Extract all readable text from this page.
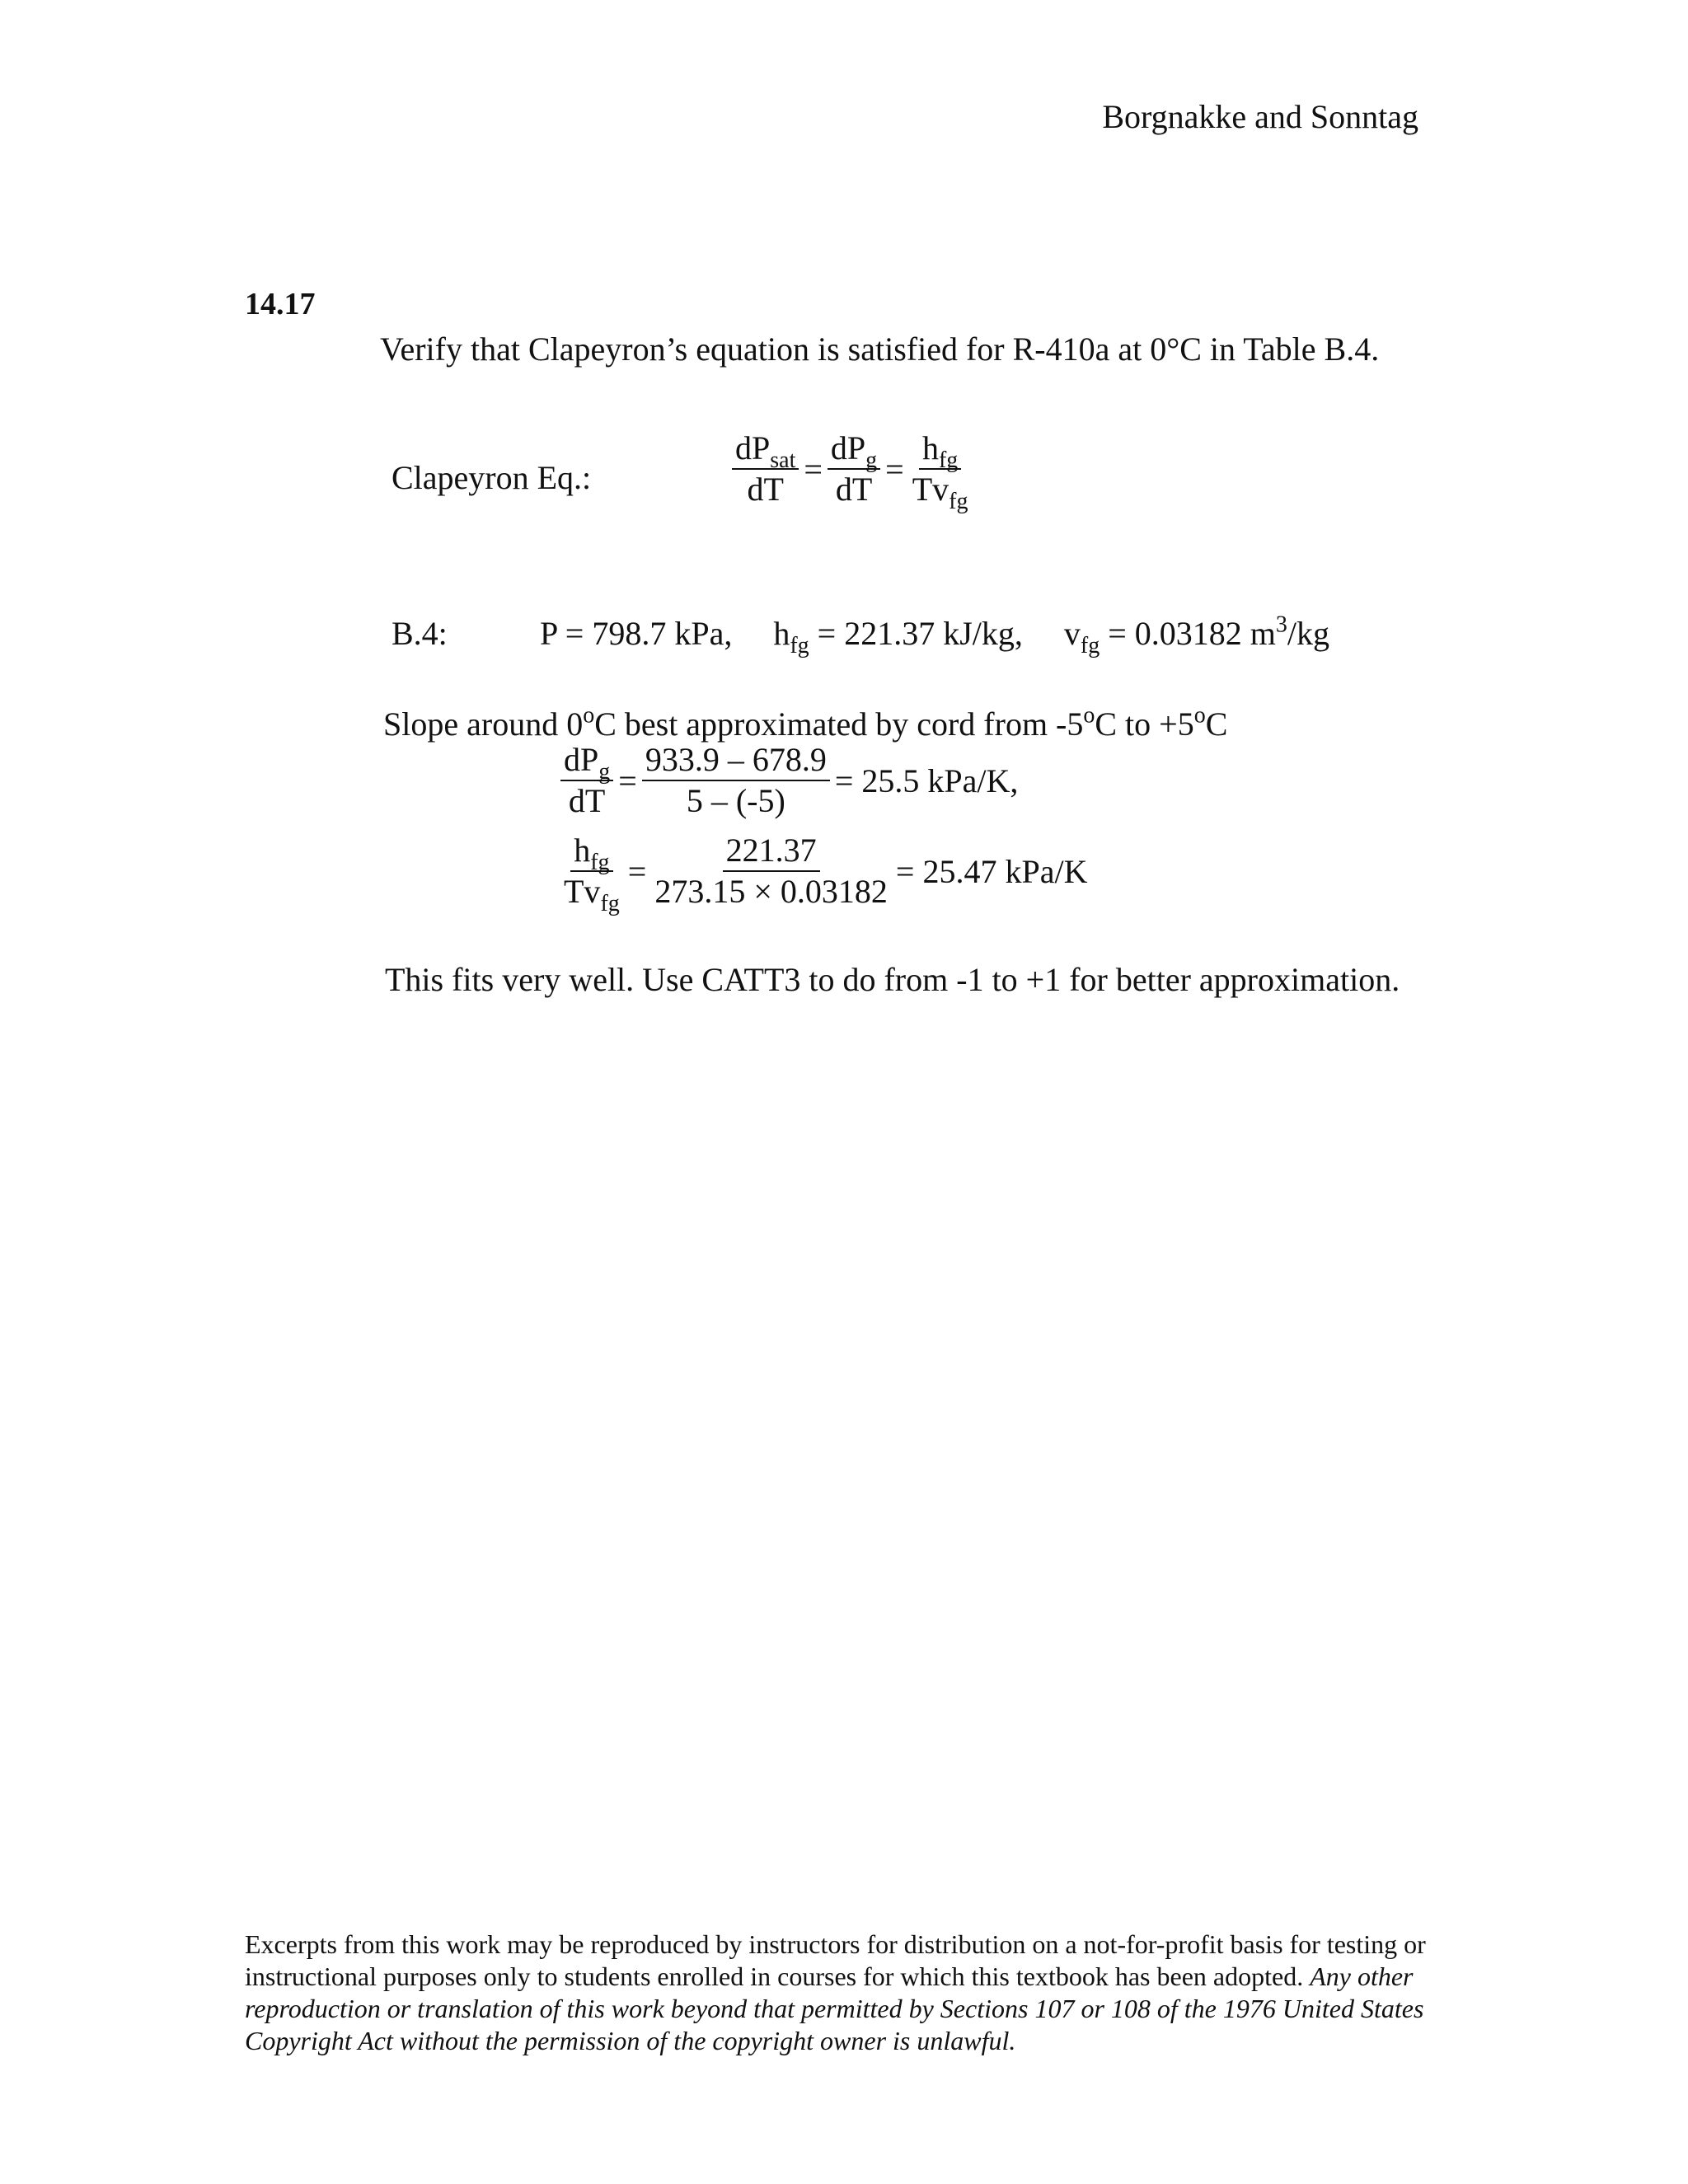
Borgnakke and Sonntag
14.17
Verify that Clapeyron’s equation is satisfied for R-410a at 0°C in Table B.4.
Clapeyron Eq.:	$\frac{dP_{sat}}{dT} = \frac{dP_g}{dT} = \frac{h_{fg}}{Tv_{fg}}$
B.4:	P = 798.7 kPa, $h_{fg} = 221.37$ kJ/kg, $v_{fg} = 0.03182$ $m^3/kg$
Slope around 0$^o$C best approximated by cord from -5$^o$C to $+5^oC$
$\frac{dP_g}{dT} = \frac{933.9 - 678.9}{5 - (-5)} = 25.5$ kPa/K,
$\frac{h_{fg}}{Tv_{fg}} = \frac{221.37}{273.15 \times 0.03182} = 25.47$ kPa/K
This fits very well. Use CATT3 to do from -1 to +1 for better approximation.
Excerpts from this work may be reproduced by instructors for distribution on a not-for-profit basis for testing or instructional purposes only to students enrolled in courses for which this textbook has been adopted. Any other reproduction or translation of this work beyond that permitted by Sections 107 or 108 of the 1976 United States Copyright Act without the permission of the copyright owner is unlawful.
